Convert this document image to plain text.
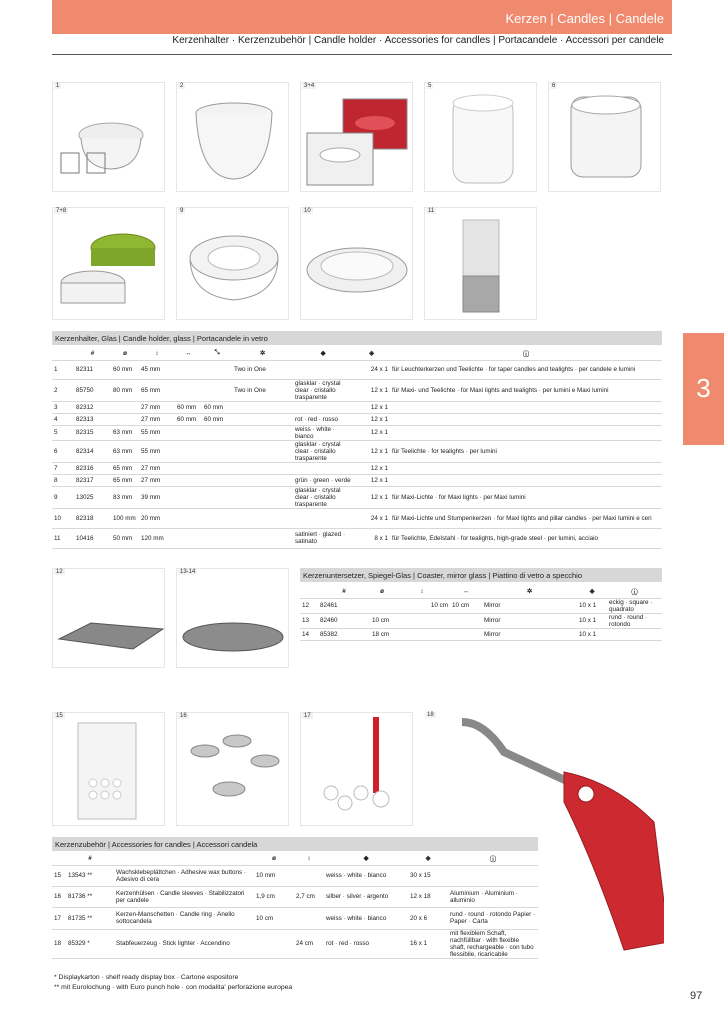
Kerzen | Candles | Candele
Kerzenhalter · Kerzenzubehör | Candle holder · Accessories for candles | Portacandele · Accessori per candele
3
1	2	3+4	5	6
7+8	9	10	11
Kerzenhalter, Glas | Candle holder, glass | Portacandele in vetro
	#	ø	↕	↔	⤡	✲	◆	◈	ⓘ
1	82311	60 mm	45 mm			Two in One		24 x 1	für Leuchterkerzen und Teelichte · for taper candles and tealights · per candele e lumini
2	85750	80 mm	65 mm			Two in One	glasklar · crystal clear · cristallo trasparente	12 x 1	für Maxi- und Teelichte · for Maxi lights and tealights · per lumini e Maxi lumini
3	82312		27 mm	60 mm	60 mm			12 x 1	
4	82313		27 mm	60 mm	60 mm		rot · red · rosso	12 x 1	
5	82315	63 mm	55 mm				weiss · white · bianco	12 x 1	
6	82314	63 mm	55 mm				glasklar · crystal clear · cristallo trasparente	12 x 1	für Teelichte · for tealights · per lumini
7	82316	65 mm	27 mm					12 x 1	
8	82317	65 mm	27 mm				grün · green · verde	12 x 1	
9	13025	83 mm	39 mm				glasklar · crystal clear · cristallo trasparente	12 x 1	für Maxi-Lichte · for Maxi lights · per Maxi lumini
10	82318	100 mm	20 mm					24 x 1	für Maxi-Lichte und Stumpenkerzen · for Maxi lights and pillar candles · per Maxi lumini e ceri
11	10416	50 mm	120 mm				satiniert · glazed · satinato	8 x 1	für Teelichte, Edelstahl · for tealights, high-grade steel · per lumini, acciaio
12	13-14	Kerzenuntersetzer, Spiegel-Glas | Coaster, mirror glass | Piattino di vetro a specchio
	#	ø	↕	↔	✲	◈	ⓘ
12	82461		10 cm	10 cm	Mirror	10 x 1	eckig · square · quadrato
13	82460	10 cm			Mirror	10 x 1	rund · round · rotondo
14	85382	18 cm			Mirror	10 x 1	
15	16	17	18
Kerzenzubehör | Accessories for candles | Accessori candela
	#		ø	↕	◆	◈	ⓘ
15	13543 **	Wachsklebeplättchen · Adhesive wax buttons · Adesivo di cera	10 mm		weiss · white · bianco	30 x 15	
16	81736 **	Kerzenhülsen · Candle sleeves · Stabilizzatori per candele	1,9 cm	2,7 cm	silber · silver · argento	12 x 18	Aluminium · Aluminium · alluminio
17	81735 **	Kerzen-Manschetten · Candle ring · Anello sottocandela	10 cm		weiss · white · bianco	20 x 6	rund · round · rotondo Papier · Paper · Carta
18	85329 *	Stabfeuerzeug · Stick lighter · Accendino		24 cm	rot · red · rosso	16 x 1	mit flexiblem Schaft, nachfüllbar · with flexible shaft, rechargeable · con tubo flessibile, ricaricabile
* Displaykarton · shelf ready display box · Cartone espositore
** mit Eurolochung · with Euro punch hole · con modalita' perforazione europea
97
